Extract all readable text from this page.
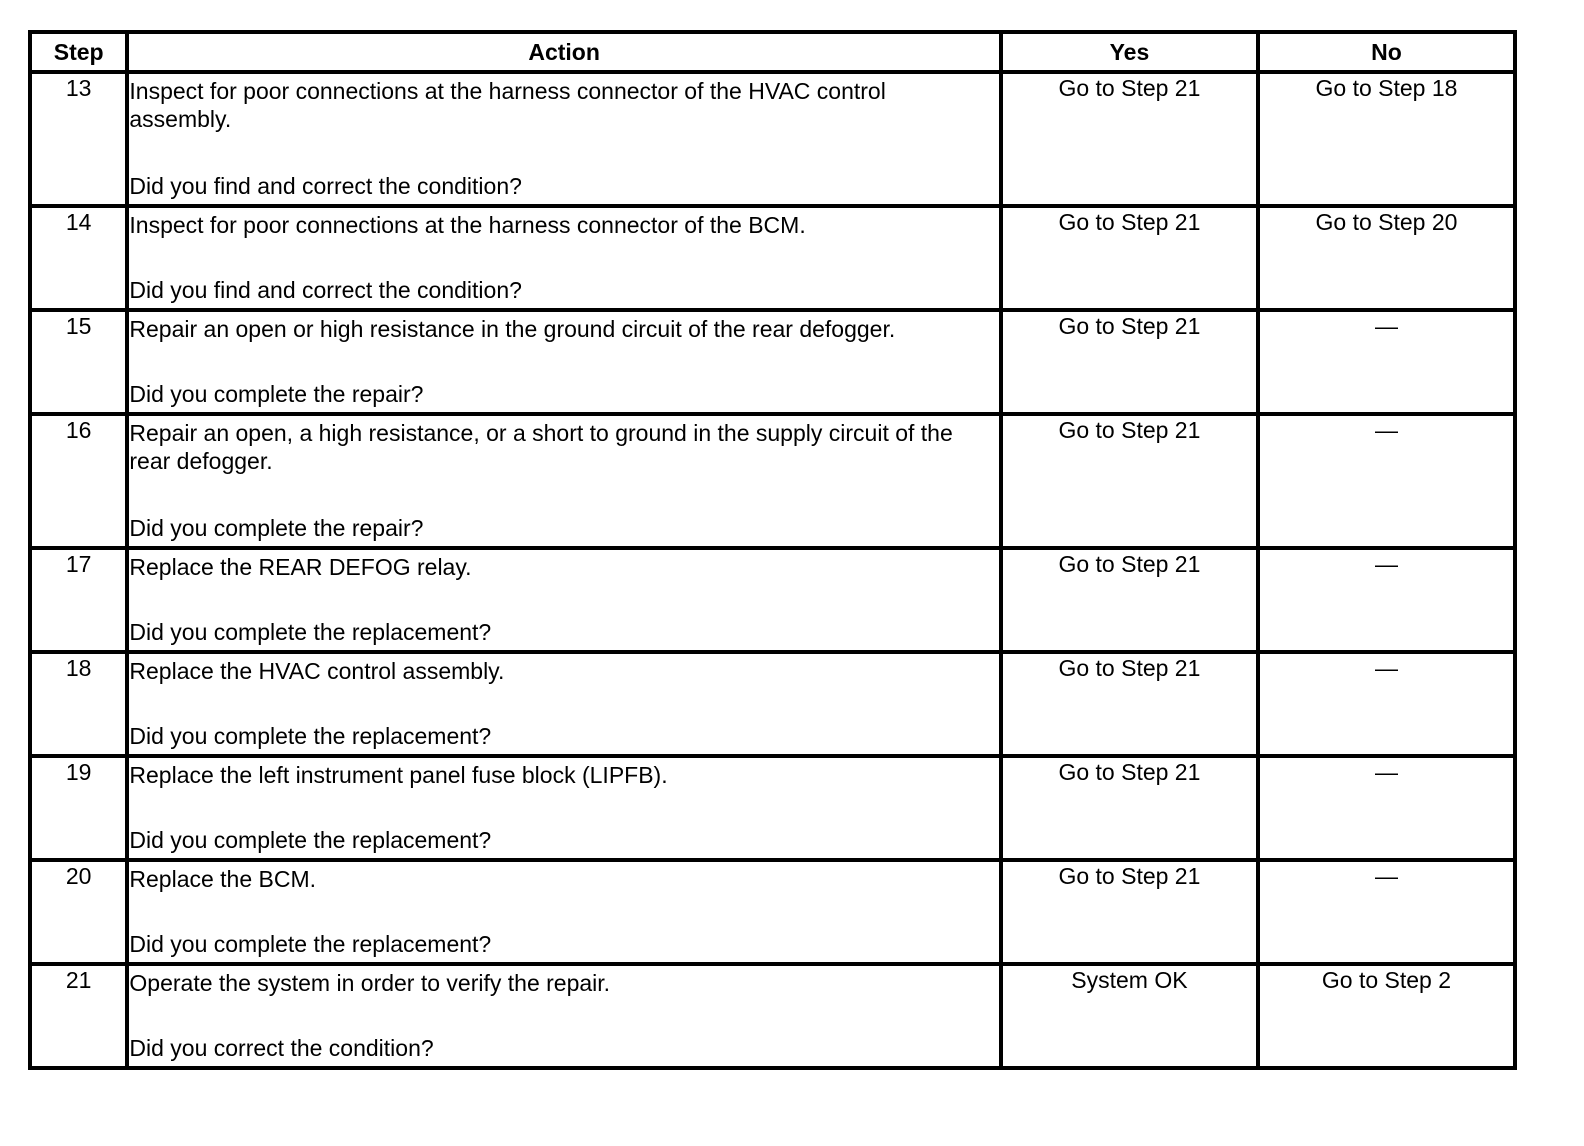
Step	Action	Yes	No
13	Inspect for poor connections at the harness connector of the HVAC control assembly.
Did you find and correct the condition?	Go to Step 21	Go to Step 18

14	Inspect for poor connections at the harness connector of the BCM.
Did you find and correct the condition?	Go to Step 21	Go to Step 20

15	Repair an open or high resistance in the ground circuit of the rear defogger.
Did you complete the repair?	Go to Step 21	—

16	Repair an open, a high resistance, or a short to ground in the supply circuit of the rear defogger.
Did you complete the repair?	Go to Step 21	—

17	Replace the REAR DEFOG relay.
Did you complete the replacement?	Go to Step 21	—

18	Replace the HVAC control assembly.
Did you complete the replacement?	Go to Step 21	—

19	Replace the left instrument panel fuse block (LIPFB).
Did you complete the replacement?	Go to Step 21	—

20	Replace the BCM.
Did you complete the replacement?	Go to Step 21	—

21	Operate the system in order to verify the repair.
Did you correct the condition?	System OK	Go to Step 2
